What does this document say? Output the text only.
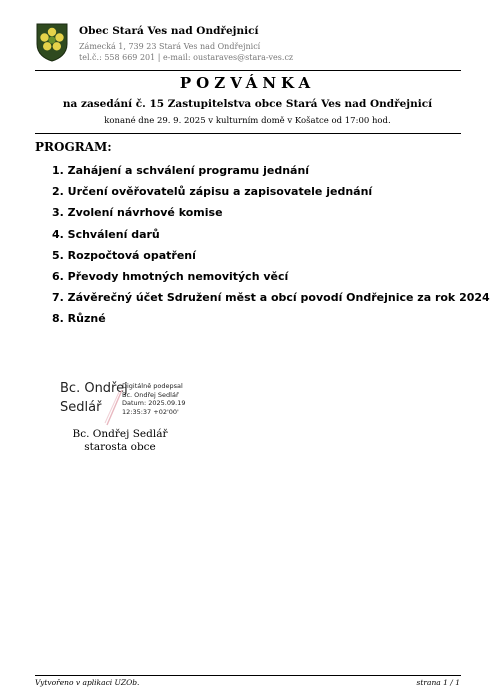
Obec Stará Ves nad Ondřejnicí
Zámecká 1, 739 23 Stará Ves nad Ondřejnicí
tel.č.: 558 669 201 | e-mail: oustaraves@stara-ves.cz
POZVÁNKA
na zasedání č. 15 Zastupitelstva obce Stará Ves nad Ondřejnicí
konané dne 29. 9. 2025 v kulturním domě v Košatce od 17:00 hod.
PROGRAM:
1. Zahájení a schválení programu jednání
2. Určení ověřovatelů zápisu a zapisovatele jednání
3. Zvolení návrhové komise
4. Schválení darů
5. Rozpočtová opatření
6. Převody hmotných nemovitých věcí
7. Závěrečný účet Sdružení měst a obcí povodí Ondřejnice za rok 2024
8. Různé
Bc. Ondřej
Sedlář
Digitálně podepsal
Bc. Ondřej Sedlář
Datum: 2025.09.19
12:35:37 +02'00'
Bc. Ondřej Sedlář
starosta obce
Vytvořeno v aplikaci UZOb.	strana 1 / 1
